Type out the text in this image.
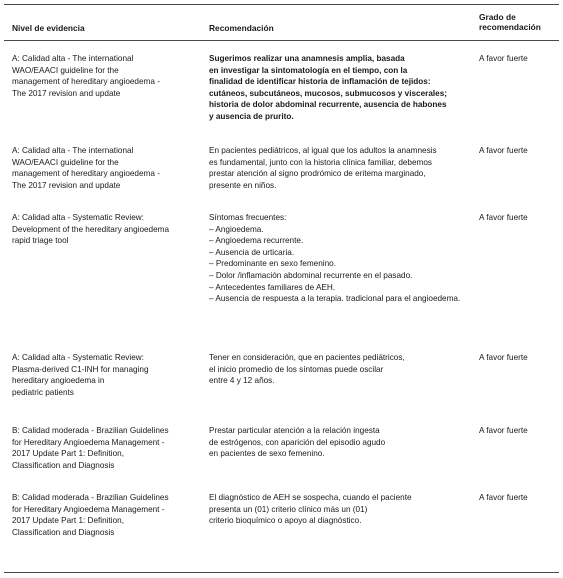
Nivel de evidencia	Recomendación
Grado de
recomendación
A: Calidad alta - The international
WAO/EAACI guideline for the
management of hereditary angioedema -
The 2017 revision and update
Sugerimos realizar una anamnesis amplia, basada
en investigar la sintomatología en el tiempo, con la
finalidad de identificar historia de inflamación de tejidos:
cutáneos, subcutáneos, mucosos, submucosos y viscerales;
historia de dolor abdominal recurrente, ausencia de habones
y ausencia de prurito.
A favor fuerte
A: Calidad alta - The international
WAO/EAACI guideline for the
management of hereditary angioedema -
The 2017 revision and update
En pacientes pediátricos, al igual que los adultos la anamnesis
es fundamental, junto con la historia clínica familiar, debemos
prestar atención al signo prodrómico de eritema marginado,
presente en niños.
A favor fuerte
A: Calidad alta - Systematic Review:
Development of the hereditary angioedema
rapid triage tool
Síntomas frecuentes:
– Angioedema.
– Angioedema recurrente.
– Ausencia de urticaria.
– Predominante en sexo femenino.
– Dolor /inflamación abdominal recurrente en el pasado.
– Antecedentes familiares de AEH.
– Ausencia de respuesta a la terapia. tradicional para el angioedema.
A favor fuerte
A: Calidad alta - Systematic Review:
Plasma-derived C1-INH for managing
hereditary angioedema in
pediatric patients
Tener en consideración, que en pacientes pediátricos,
el inicio promedio de los síntomas puede oscilar
entre 4 y 12 años.
A favor fuerte
B: Calidad moderada - Brazilian Guidelines
for Hereditary Angioedema Management -
2017 Update Part 1: Definition,
Classification and Diagnosis
Prestar particular atención a la relación ingesta
de estrógenos, con aparición del episodio agudo
en pacientes de sexo femenino.
A favor fuerte
B: Calidad moderada - Brazilian Guidelines
for Hereditary Angioedema Management -
2017 Update Part 1: Definition,
Classification and Diagnosis
El diagnóstico de AEH se sospecha, cuando el paciente
presenta un (01) criterio clínico más un (01)
criterio bioquímico o apoyo al diagnóstico.
A favor fuerte
